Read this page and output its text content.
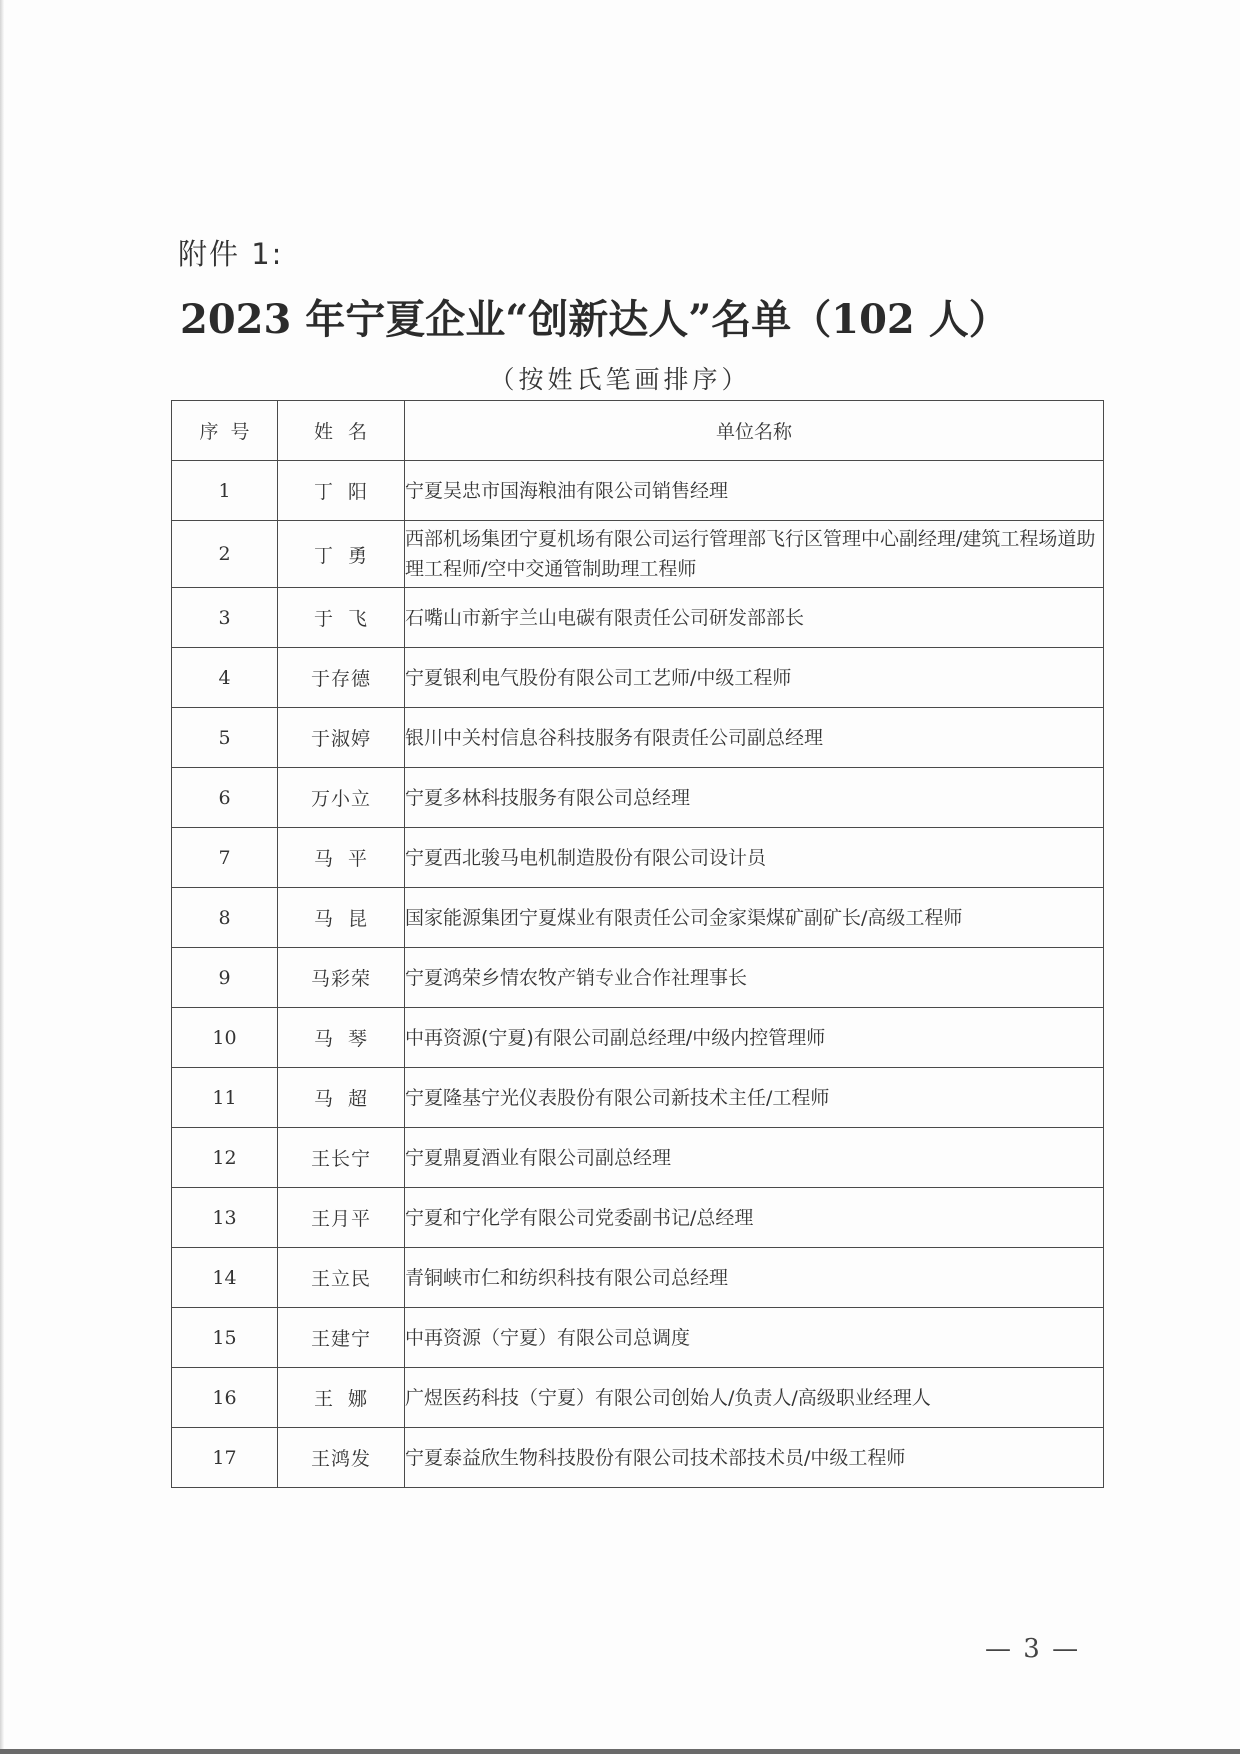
附件 1:
2023 年宁夏企业“创新达人”名单（102 人）
（按姓氏笔画排序）
序  号	姓  名	单位名称
1	丁  阳	宁夏吴忠市国海粮油有限公司销售经理
2	丁  勇	西部机场集团宁夏机场有限公司运行管理部飞行区管理中心副经理/建筑工程场道助理工程师/空中交通管制助理工程师
3	于  飞	石嘴山市新宇兰山电碳有限责任公司研发部部长
4	于存德	宁夏银利电气股份有限公司工艺师/中级工程师
5	于淑婷	银川中关村信息谷科技服务有限责任公司副总经理
6	万小立	宁夏多林科技服务有限公司总经理
7	马  平	宁夏西北骏马电机制造股份有限公司设计员
8	马  昆	国家能源集团宁夏煤业有限责任公司金家渠煤矿副矿长/高级工程师
9	马彩荣	宁夏鸿荣乡情农牧产销专业合作社理事长
10	马  琴	中再资源(宁夏)有限公司副总经理/中级内控管理师
11	马  超	宁夏隆基宁光仪表股份有限公司新技术主任/工程师
12	王长宁	宁夏鼎夏酒业有限公司副总经理
13	王月平	宁夏和宁化学有限公司党委副书记/总经理
14	王立民	青铜峡市仁和纺织科技有限公司总经理
15	王建宁	中再资源（宁夏）有限公司总调度
16	王  娜	广煜医药科技（宁夏）有限公司创始人/负责人/高级职业经理人
17	王鸿发	宁夏泰益欣生物科技股份有限公司技术部技术员/中级工程师
— 3 —
